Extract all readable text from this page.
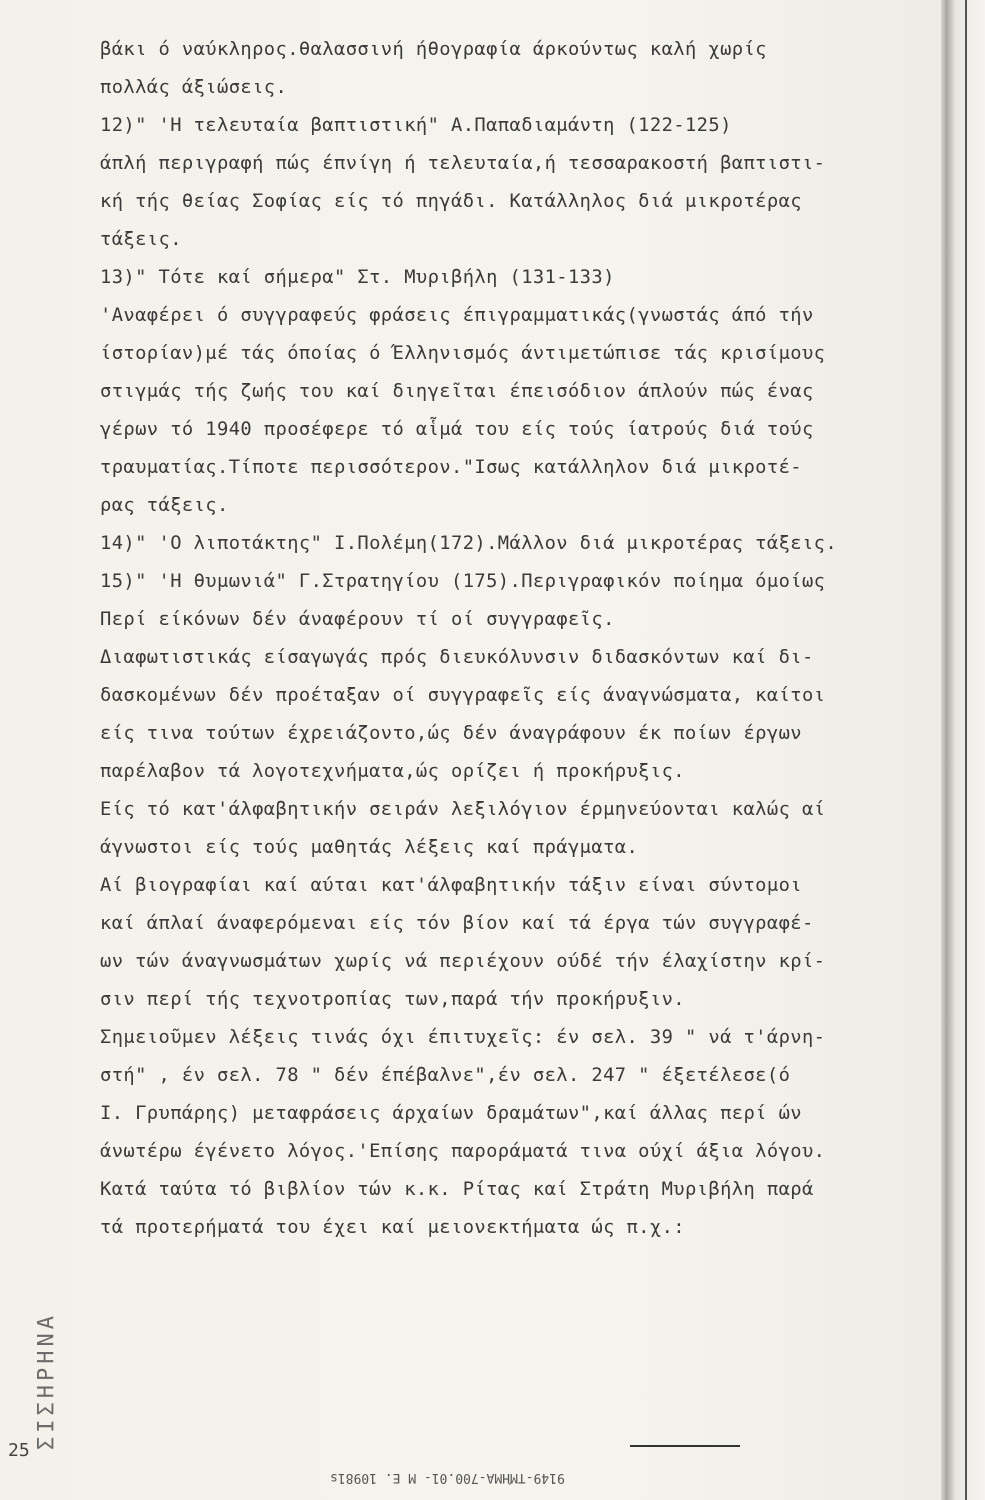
ΣΙΣΗΡΗΝΑ
βάκι ό ναύκληρος.θαλασσινή ήθογραφία άρκούντως καλή χωρίς
πολλάς άξιώσεις.
12)" 'Η τελευταία βαπτιστική" Α.Παπαδιαμάντη (122-125)
άπλή περιγραφή πώς έπνίγη ή τελευταία,ή τεσσαρακοστή βαπτιστι-
κή τής θείας Σοφίας είς τό πηγάδι. Κατάλληλος διά μικροτέρας
τάξεις.
13)" Τότε καί σήμερα" Στ. Μυριβήλη (131-133)
'Αναφέρει ό συγγραφεύς φράσεις έπιγραμματικάς(γνωστάς άπό τήν
ίστορίαν)μέ τάς όποίας ό Έλληνισμός άντιμετώπισε τάς κρισίμους
στιγμάς τής ζωής του καί διηγεῖται έπεισόδιον άπλούν πώς ένας
γέρων τό 1940 προσέφερε τό αἷμά του είς τούς ίατρούς διά τούς
τραυματίας.Τίποτε περισσότερον."Ισως κατάλληλον διά μικροτέ-
ρας τάξεις.
14)" 'Ο λιποτάκτης" Ι.Πολέμη(172).Μάλλον διά μικροτέρας τάξεις.
15)" 'Η θυμωνιά" Γ.Στρατηγίου (175).Περιγραφικόν ποίημα όμοίως
Περί είκόνων δέν άναφέρουν τί οί συγγραφεῖς.
Διαφωτιστικάς είσαγωγάς πρός διευκόλυνσιν διδασκόντων καί δι-
δασκομένων δέν προέταξαν οί συγγραφεῖς είς άναγνώσματα, καίτοι
είς τινα τούτων έχρειάζοντο,ώς δέν άναγράφουν έκ ποίων έργων
παρέλαβον τά λογοτεχνήματα,ώς ορίζει ή προκήρυξις.
Είς τό κατ'άλφαβητικήν σειράν λεξιλόγιον έρμηνεύονται καλώς αί
άγνωστοι είς τούς μαθητάς λέξεις καί πράγματα.
Αί βιογραφίαι καί αύται κατ'άλφαβητικήν τάξιν είναι σύντομοι
καί άπλαί άναφερόμεναι είς τόν βίον καί τά έργα τών συγγραφέ-
ων τών άναγνωσμάτων χωρίς νά περιέχουν ούδέ τήν έλαχίστην κρί-
σιν περί τής τεχνοτροπίας των,παρά τήν προκήρυξιν.
Σημειοῦμεν λέξεις τινάς όχι έπιτυχεῖς: έν σελ. 39 " νά τ'άρνη-
στή" , έν σελ. 78 " δέν έπέβαλνε",έν σελ. 247 " έξετέλεσε(ό
Ι. Γρυπάρης) μεταφράσεις άρχαίων δραμάτων",καί άλλας περί ών
άνωτέρω έγένετο λόγος.'Επίσης παροράματά τινα ούχί άξια λόγου.
Κατά ταύτα τό βιβλίον τών κ.κ. Ρίτας καί Στράτη Μυριβήλη παρά
τά προτερήματά του έχει καί μειονεκτήματα ώς π.χ.:
25
9149-ΤΜΉΜΑ-700.01- Μ Ε. 10981s
